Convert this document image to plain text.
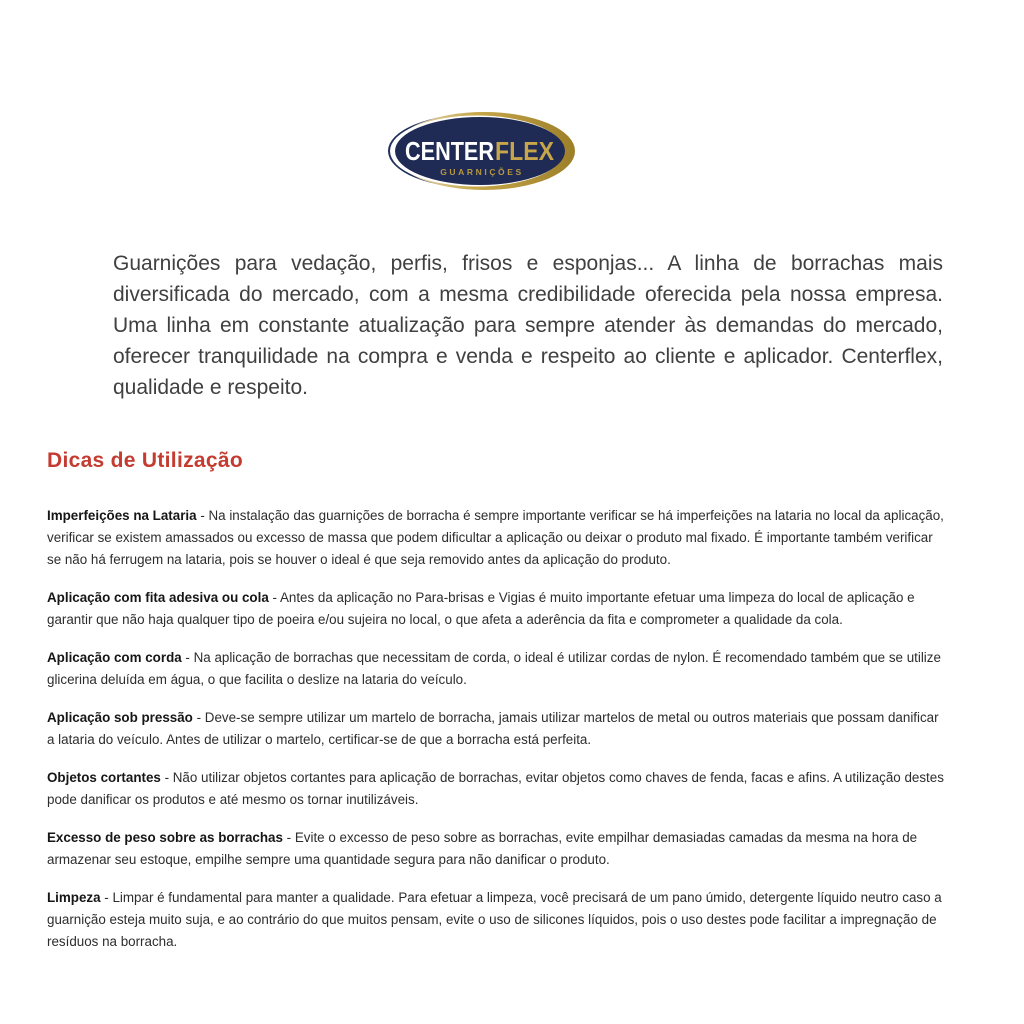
CENTER FLEX
GUARNIÇÕES

Guarnições para vedação, perfis, frisos e esponjas... A linha de borrachas mais diversificada do mercado, com a mesma credibilidade oferecida pela nossa empresa. Uma linha em constante atualização para sempre atender às demandas do mercado, oferecer tranquilidade na compra e venda e respeito ao cliente e aplicador. Centerflex, qualidade e respeito.

Dicas de Utilização

Imperfeições na Lataria - Na instalação das guarnições de borracha é sempre importante verificar se há imperfeições na lataria no local da aplicação, verificar se existem amassados ou excesso de massa que podem dificultar a aplicação ou deixar o produto mal fixado. É importante também verificar se não há ferrugem na lataria, pois se houver o ideal é que seja removido antes da aplicação do produto.

Aplicação com fita adesiva ou cola - Antes da aplicação no Para-brisas e Vigias é muito importante efetuar uma limpeza do local de aplicação e garantir que não haja qualquer tipo de poeira e/ou sujeira no local, o que afeta a aderência da fita e comprometer a qualidade da cola.

Aplicação com corda - Na aplicação de borrachas que necessitam de corda, o ideal é utilizar cordas de nylon. É recomendado também que se utilize glicerina deluída em água, o que facilita o deslize na lataria do veículo.

Aplicação sob pressão - Deve-se sempre utilizar um martelo de borracha, jamais utilizar martelos de metal ou outros materiais que possam danificar a lataria do veículo. Antes de utilizar o martelo, certificar-se de que a borracha está perfeita.

Objetos cortantes - Não utilizar objetos cortantes para aplicação de borrachas, evitar objetos como chaves de fenda, facas e afins. A utilização destes pode danificar os produtos e até mesmo os tornar inutilizáveis.

Excesso de peso sobre as borrachas - Evite o excesso de peso sobre as borrachas, evite empilhar demasiadas camadas da mesma na hora de armazenar seu estoque, empilhe sempre uma quantidade segura para não danificar o produto.

Limpeza - Limpar é fundamental para manter a qualidade. Para efetuar a limpeza, você precisará de um pano úmido, detergente líquido neutro caso a guarnição esteja muito suja, e ao contrário do que muitos pensam, evite o uso de silicones líquidos, pois o uso destes pode facilitar a impregnação de resíduos na borracha.
